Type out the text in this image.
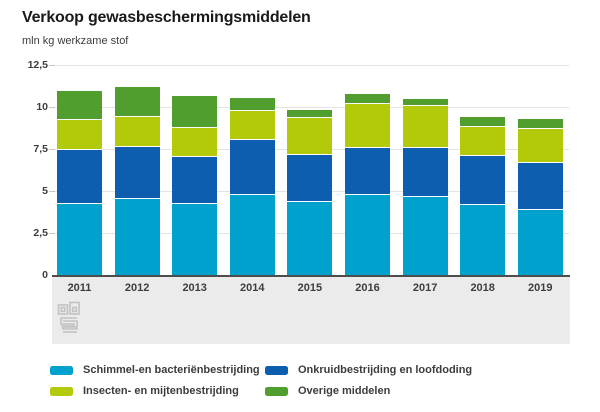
Verkoop gewasbeschermingsmiddelen
mln kg werkzame stof
0
2,5
5
7,5
10
12,5
2011	2012	2013	2014	2015	2016	2017	2018	2019
Schimmel-en bacteriënbestrijding	Onkruidbestrijding en loofdoding
Insecten- en mijtenbestrijding	Overige middelen
